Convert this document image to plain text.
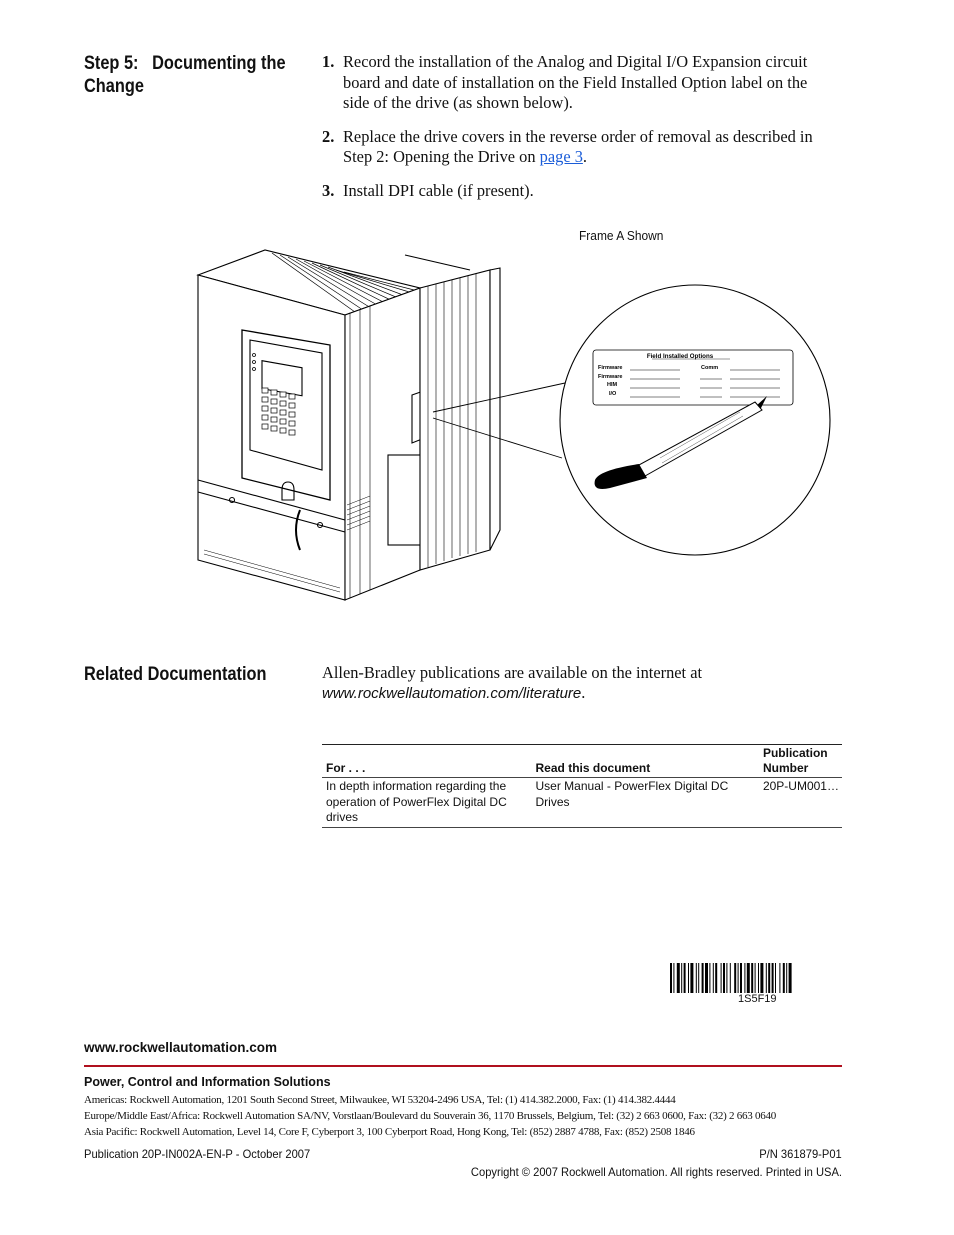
Step 5:   Documenting the
Change
1. Record the installation of the Analog and Digital I/O Expansion circuit board and date of installation on the Field Installed Option label on the side of the drive (as shown below).
2. Replace the drive covers in the reverse order of removal as described in Step 2: Opening the Drive on page 3.
3. Install DPI cable (if present).
Frame A Shown
Field Installed Options
Firmware
Firmware
HIM
I/O
Comm
Related Documentation	Allen-Bradley publications are available on the internet at
www.rockwellautomation.com/literature.
For . . .	Read this document	Publication Number
In depth information regarding the operation of PowerFlex Digital DC drives	User Manual - PowerFlex Digital DC Drives	20P-UM001…
1S5F19
www.rockwellautomation.com
Power, Control and Information Solutions
Americas: Rockwell Automation, 1201 South Second Street, Milwaukee, WI 53204-2496 USA, Tel: (1) 414.382.2000, Fax: (1) 414.382.4444
Europe/Middle East/Africa: Rockwell Automation SA/NV, Vorstlaan/Boulevard du Souverain 36, 1170 Brussels, Belgium, Tel: (32) 2 663 0600, Fax: (32) 2 663 0640
Asia Pacific: Rockwell Automation, Level 14, Core F, Cyberport 3, 100 Cyberport Road, Hong Kong, Tel: (852) 2887 4788, Fax: (852) 2508 1846
Publication 20P-IN002A-EN-P - October 2007	P/N 361879-P01
Copyright © 2007 Rockwell Automation. All rights reserved. Printed in USA.
